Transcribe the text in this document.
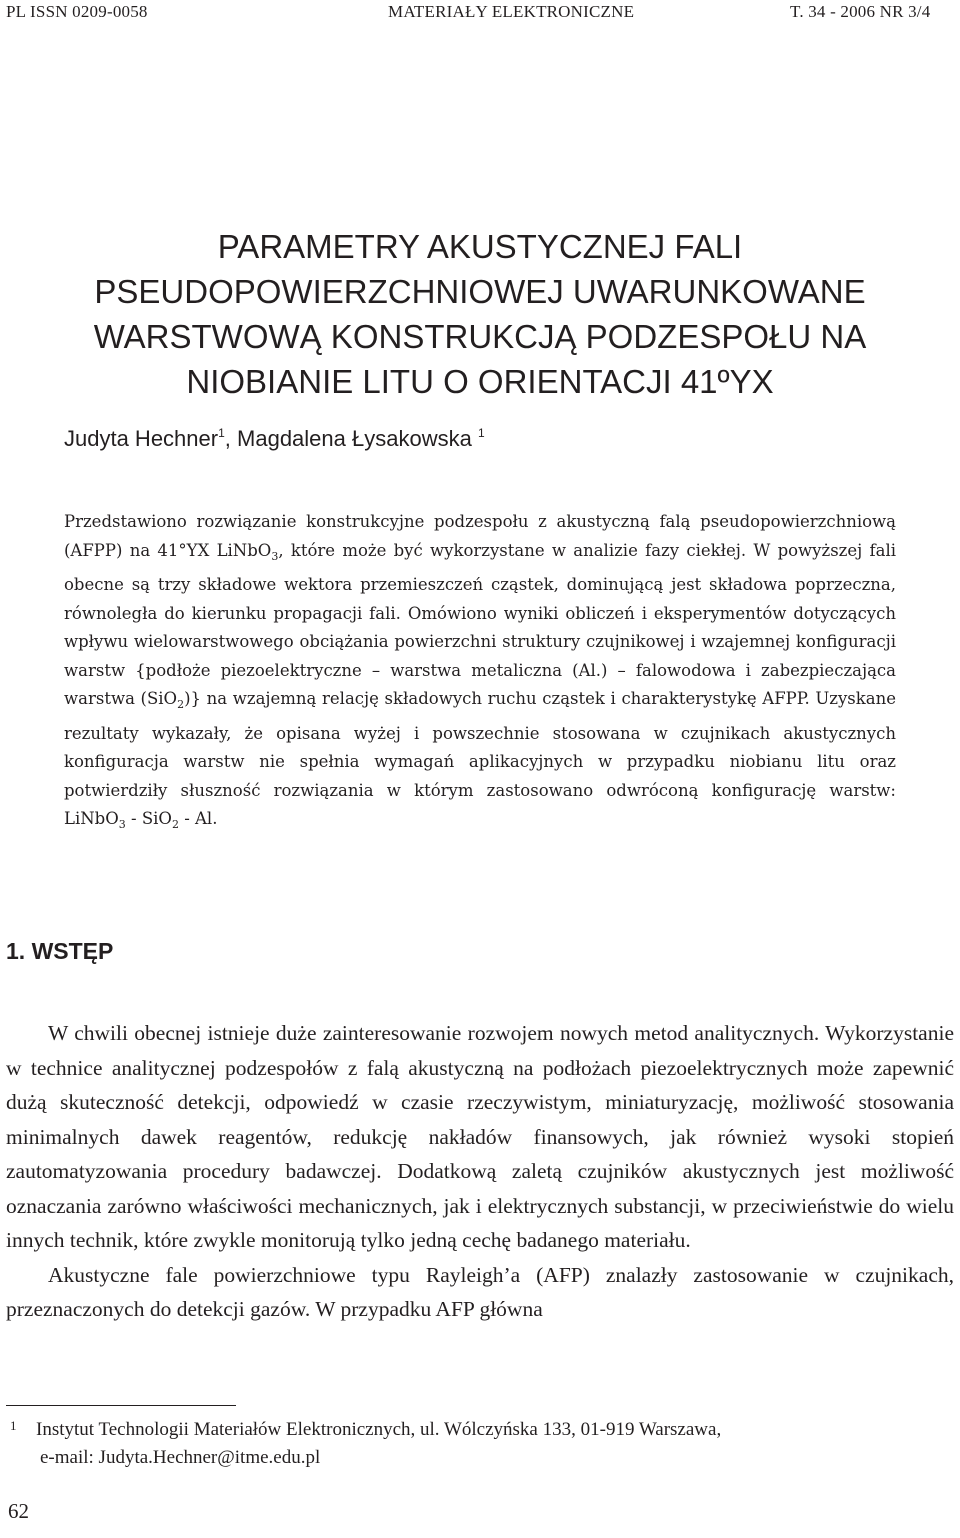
PL ISSN 0209-0058	MATERIAŁY ELEKTRONICZNE	T. 34 - 2006 NR 3/4
PARAMETRY AKUSTYCZNEJ FALI
PSEUDOPOWIERZCHNIOWEJ UWARUNKOWANE
WARSTWOWĄ KONSTRUKCJĄ PODZESPOŁU NA
NIOBIANIE LITU O ORIENTACJI 41ºYX
Judyta Hechner$^1$, Magdalena Łysakowska $^1$
Przedstawiono rozwiązanie konstrukcyjne podzespołu z akustyczną falą pseudopowierzchniową (AFPP) na 41°YX LiNbO$_3$, które może być wykorzystane w analizie fazy ciekłej. W powyższej fali obecne są trzy składowe wektora przemieszczeń cząstek, dominującą jest składowa poprzeczna, równoległa do kierunku propagacji fali. Omówiono wyniki obliczeń i eksperymentów dotyczących wpływu wielowarstwowego obciążania powierzchni struktury czujnikowej i wzajemnej konfiguracji warstw {podłoże piezoelektryczne – warstwa metaliczna (Al.) – falowodowa i zabezpieczająca warstwa (SiO$_2$)} na wzajemną relację składowych ruchu cząstek i charakterystykę AFPP. Uzyskane rezultaty wykazały, że opisana wyżej i powszechnie stosowana w czujnikach akustycznych konfiguracja warstw nie spełnia wymagań aplikacyjnych w przypadku niobianu litu oraz potwierdziły słuszność rozwiązania w którym zastosowano odwróconą konfigurację warstw: LiNbO$_3$ - SiO$_2$ - Al.
1. WSTĘP

W chwili obecnej istnieje duże zainteresowanie rozwojem nowych metod analitycznych. Wykorzystanie w technice analitycznej podzespołów z falą akustyczną na podłożach piezoelektrycznych może zapewnić dużą skuteczność detekcji, odpowiedź w czasie rzeczywistym, miniaturyzację, możliwość stosowania minimalnych dawek reagentów, redukcję nakładów finansowych, jak również wysoki stopień zautomatyzowania procedury badawczej. Dodatkową zaletą czujników akustycznych jest możliwość oznaczania zarówno właściwości mechanicznych, jak i elektrycznych substancji, w przeciwieństwie do wielu innych technik, które zwykle monitorują tylko jedną cechę badanego materiału.

Akustyczne fale powierzchniowe typu Rayleigh’a (AFP) znalazły zastosowanie w czujnikach, przeznaczonych do detekcji gazów. W przypadku AFP główna

1 Instytut Technologii Materiałów Elektronicznych, ul. Wólczyńska 133, 01-919 Warszawa,
e-mail: Judyta.Hechner@itme.edu.pl
62
